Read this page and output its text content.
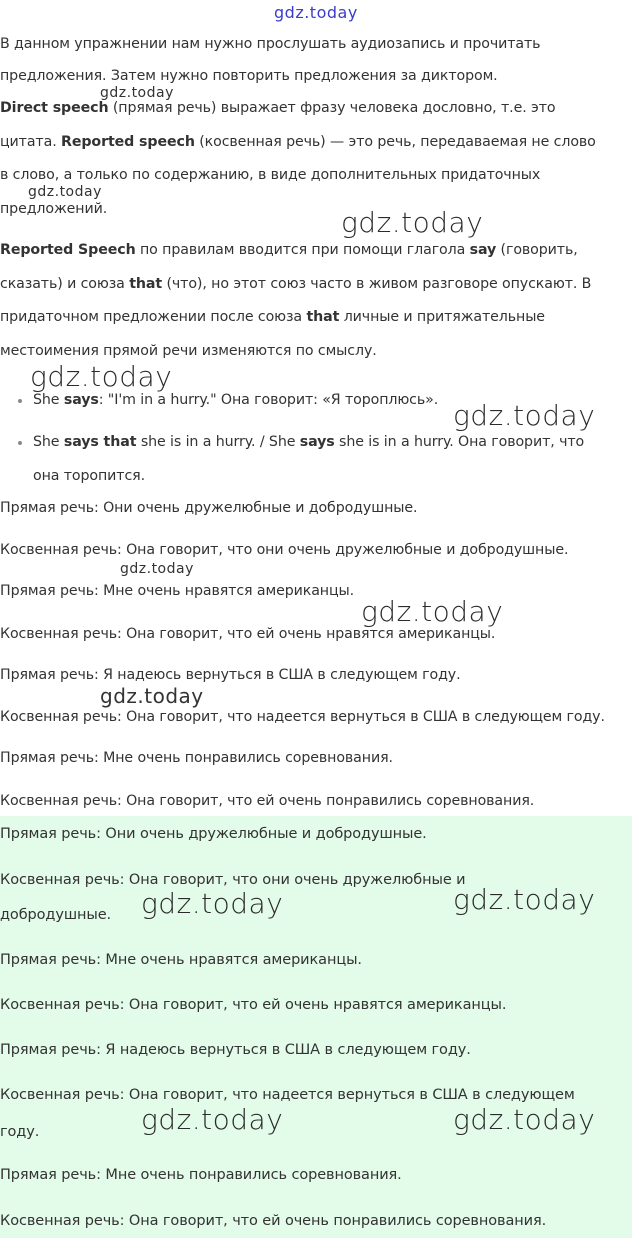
gdz.today
В данном упражнении нам нужно прослушать аудиозапись и прочитать
предложения. Затем нужно повторить предложения за диктором.
gdz.today
Direct speech (прямая речь) выражает фразу человека дословно, т.е. это
цитата. Reported speech (косвенная речь) — это речь, передаваемая не слово
в слово, а только по содержанию, в виде дополнительных придаточных
gdz.today
предложений.	gdz.today
Reported Speech по правилам вводится при помощи глагола say (говорить,
сказать) и союза that (что), но этот союз часто в живом разговоре опускают. В
придаточном предложении после союза that личные и притяжательные
местоимения прямой речи изменяются по смыслу.
gdz.today
She says: "I'm in a hurry." Она говорит: «Я тороплюсь». gdz.today
She says that she is in a hurry. / She says she is in a hurry. Она говорит, что
она торопится.
Прямая речь: Они очень дружелюбные и добродушные.
Косвенная речь: Она говорит, что они очень дружелюбные и добродушные.
gdz.today
Прямая речь: Мне очень нравятся американцы.
gdz.today
Косвенная речь: Она говорит, что ей очень нравятся американцы.
Прямая речь: Я надеюсь вернуться в США в следующем году.
gdz.today
Косвенная речь: Она говорит, что надеется вернуться в США в следующем году.
Прямая речь: Мне очень понравились соревнования.
Косвенная речь: Она говорит, что ей очень понравились соревнования.
Прямая речь: Они очень дружелюбные и добродушные.
Косвенная речь: Она говорит, что они очень дружелюбные и
добродушные. gdz.today	gdz.today
Прямая речь: Мне очень нравятся американцы.
Косвенная речь: Она говорит, что ей очень нравятся американцы.
Прямая речь: Я надеюсь вернуться в США в следующем году.
Косвенная речь: Она говорит, что надеется вернуться в США в следующем
году.	gdz.today	gdz.today
Прямая речь: Мне очень понравились соревнования.
Косвенная речь: Она говорит, что ей очень понравились соревнования.
